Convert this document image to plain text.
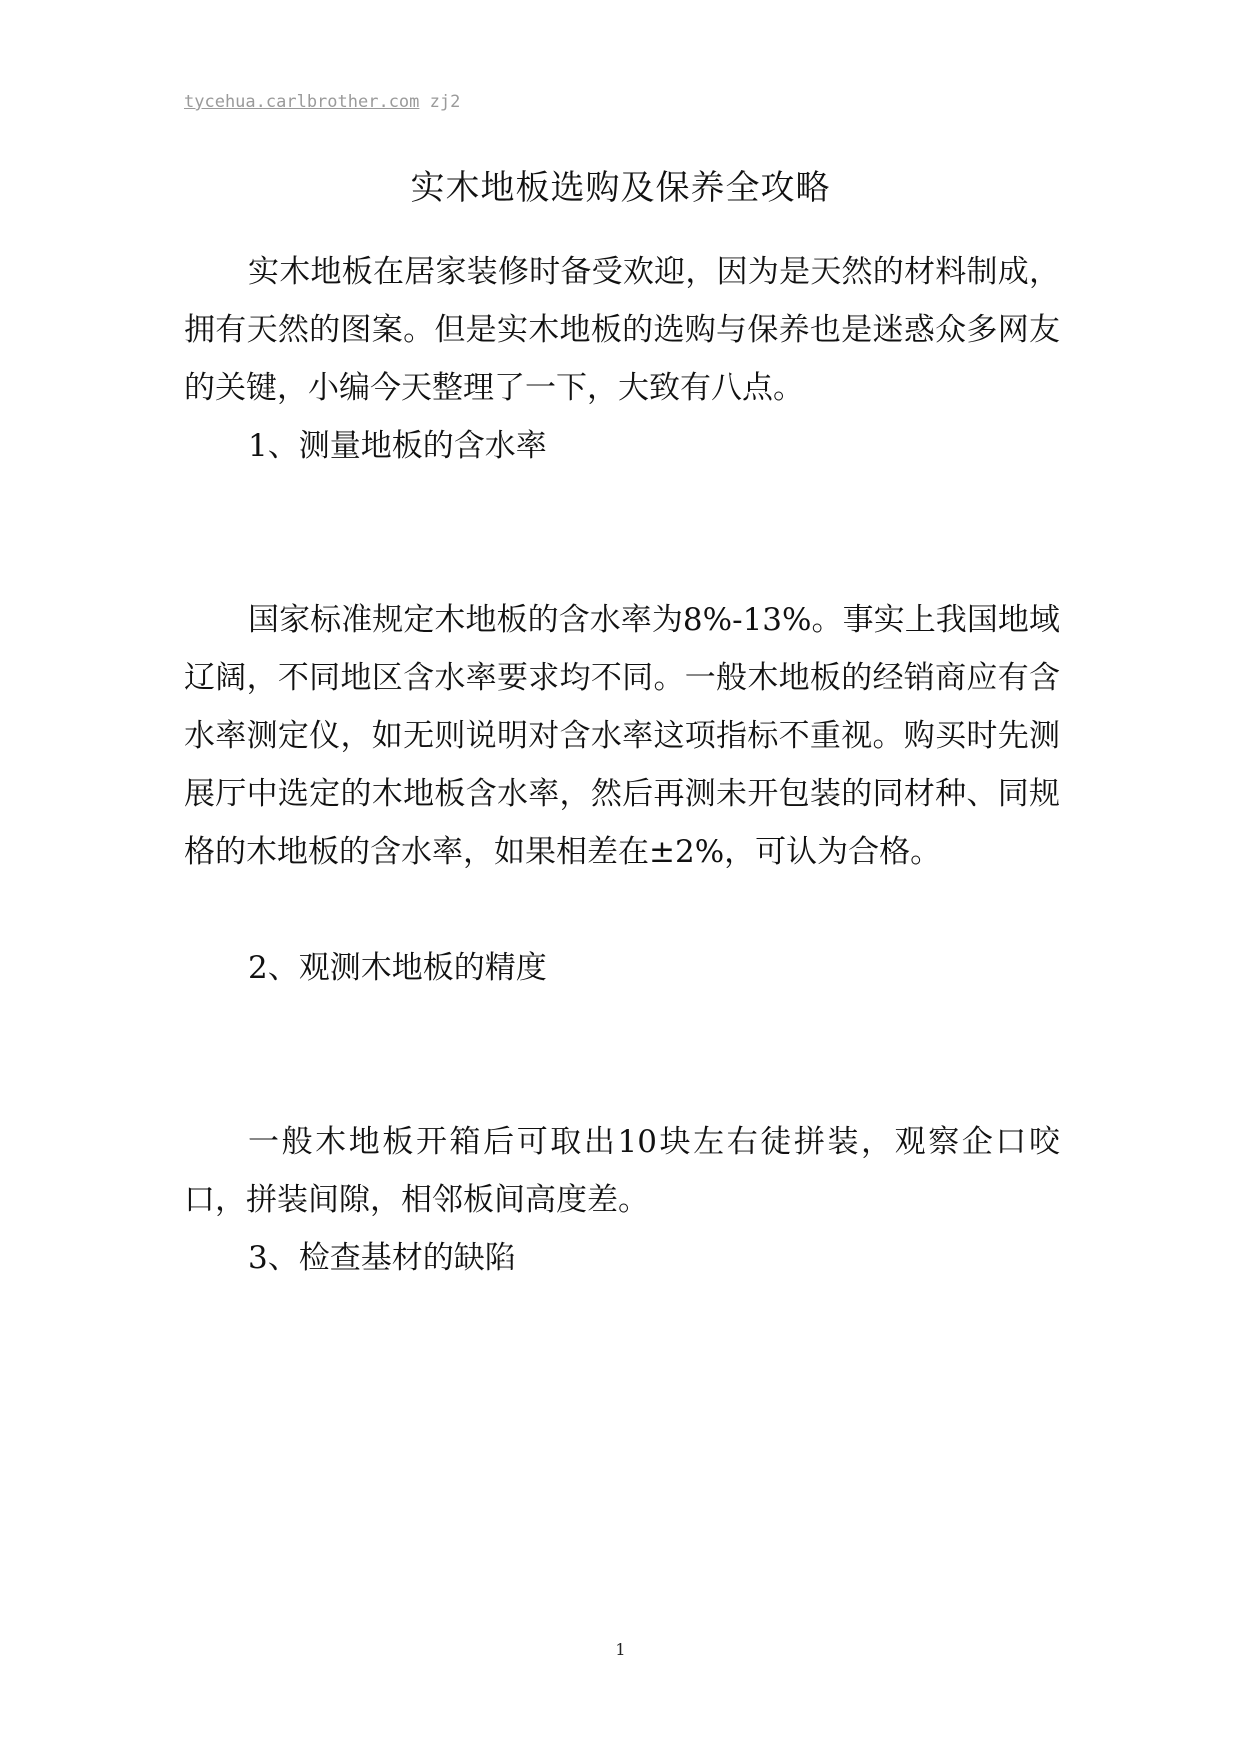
tycehua.carlbrother.com zj2
实木地板选购及保养全攻略

实木地板在居家装修时备受欢迎，因为是天然的材料制成，拥有天然的图案。但是实木地板的选购与保养也是迷惑众多网友的关键，小编今天整理了一下，大致有八点。

1、测量地板的含水率

国家标准规定木地板的含水率为8%-13%。事实上我国地域辽阔，不同地区含水率要求均不同。一般木地板的经销商应有含水率测定仪，如无则说明对含水率这项指标不重视。购买时先测展厅中选定的木地板含水率，然后再测未开包装的同材种、同规格的木地板的含水率，如果相差在±2%，可认为合格。

2、观测木地板的精度

一般木地板开箱后可取出10块左右徒拼装，观察企口咬口，拼装间隙，相邻板间高度差。

3、检查基材的缺陷

1
